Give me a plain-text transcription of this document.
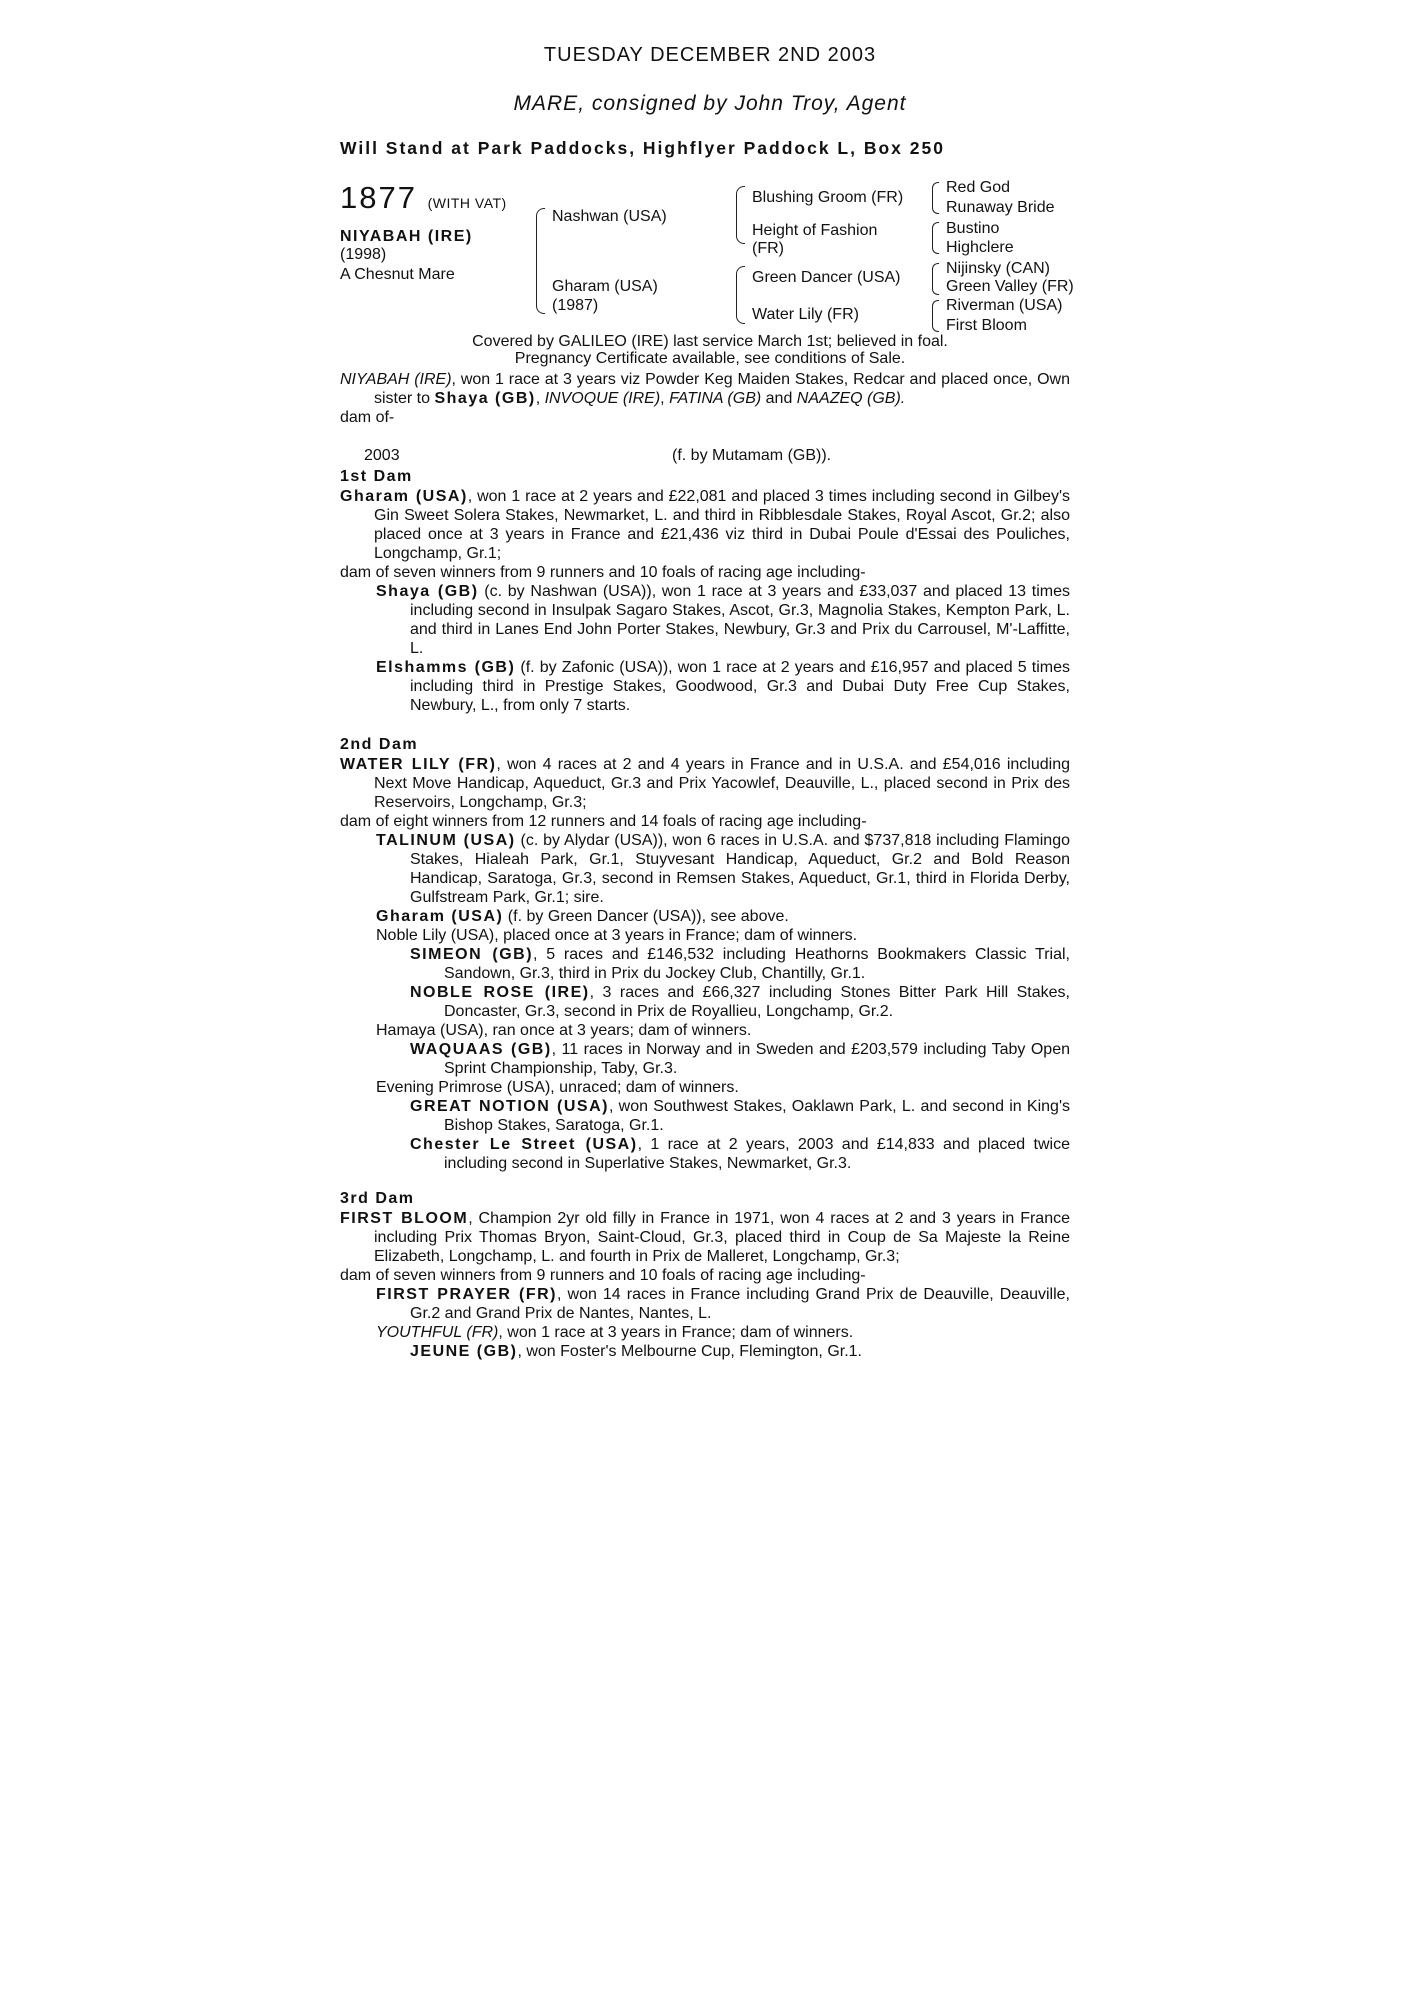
TUESDAY DECEMBER 2ND 2003
MARE, consigned by John Troy, Agent
Will Stand at Park Paddocks, Highflyer Paddock L, Box 250
1877 (WITH VAT)
NIYABAH (IRE)
(1998)
A Chesnut Mare
Nashwan (USA)
Gharam (USA)
(1987)
Blushing Groom (FR)
Height of Fashion
(FR)
Green Dancer (USA)
Water Lily (FR)
Red God
Runaway Bride
Bustino
Highclere
Nijinsky (CAN)
Green Valley (FR)
Riverman (USA)
First Bloom
Covered by GALILEO (IRE) last service March 1st; believed in foal.
Pregnancy Certificate available, see conditions of Sale.

NIYABAH (IRE), won 1 race at 3 years viz Powder Keg Maiden Stakes, Redcar and placed once, Own sister to Shaya (GB), INVOQUE (IRE), FATINA (GB) and NAAZEQ (GB).

dam of-

2003	(f. by Mutamam (GB)).
1st Dam

Gharam (USA), won 1 race at 2 years and £22,081 and placed 3 times including second in Gilbey's Gin Sweet Solera Stakes, Newmarket, L. and third in Ribblesdale Stakes, Royal Ascot, Gr.2; also placed once at 3 years in France and £21,436 viz third in Dubai Poule d'Essai des Pouliches, Longchamp, Gr.1;

dam of seven winners from 9 runners and 10 foals of racing age including-

Shaya (GB) (c. by Nashwan (USA)), won 1 race at 3 years and £33,037 and placed 13 times including second in Insulpak Sagaro Stakes, Ascot, Gr.3, Magnolia Stakes, Kempton Park, L. and third in Lanes End John Porter Stakes, Newbury, Gr.3 and Prix du Carrousel, M'-Laffitte, L.

Elshamms (GB) (f. by Zafonic (USA)), won 1 race at 2 years and £16,957 and placed 5 times including third in Prestige Stakes, Goodwood, Gr.3 and Dubai Duty Free Cup Stakes, Newbury, L., from only 7 starts.

2nd Dam

WATER LILY (FR), won 4 races at 2 and 4 years in France and in U.S.A. and £54,016 including Next Move Handicap, Aqueduct, Gr.3 and Prix Yacowlef, Deauville, L., placed second in Prix des Reservoirs, Longchamp, Gr.3;

dam of eight winners from 12 runners and 14 foals of racing age including-

TALINUM (USA) (c. by Alydar (USA)), won 6 races in U.S.A. and $737,818 including Flamingo Stakes, Hialeah Park, Gr.1, Stuyvesant Handicap, Aqueduct, Gr.2 and Bold Reason Handicap, Saratoga, Gr.3, second in Remsen Stakes, Aqueduct, Gr.1, third in Florida Derby, Gulfstream Park, Gr.1; sire.

Gharam (USA) (f. by Green Dancer (USA)), see above.

Noble Lily (USA), placed once at 3 years in France; dam of winners.

SIMEON (GB), 5 races and £146,532 including Heathorns Bookmakers Classic Trial, Sandown, Gr.3, third in Prix du Jockey Club, Chantilly, Gr.1.

NOBLE ROSE (IRE), 3 races and £66,327 including Stones Bitter Park Hill Stakes, Doncaster, Gr.3, second in Prix de Royallieu, Longchamp, Gr.2.

Hamaya (USA), ran once at 3 years; dam of winners.

WAQUAAS (GB), 11 races in Norway and in Sweden and £203,579 including Taby Open Sprint Championship, Taby, Gr.3.

Evening Primrose (USA), unraced; dam of winners.

GREAT NOTION (USA), won Southwest Stakes, Oaklawn Park, L. and second in King's Bishop Stakes, Saratoga, Gr.1.

Chester Le Street (USA), 1 race at 2 years, 2003 and £14,833 and placed twice including second in Superlative Stakes, Newmarket, Gr.3.

3rd Dam

FIRST BLOOM, Champion 2yr old filly in France in 1971, won 4 races at 2 and 3 years in France including Prix Thomas Bryon, Saint-Cloud, Gr.3, placed third in Coup de Sa Majeste la Reine Elizabeth, Longchamp, L. and fourth in Prix de Malleret, Longchamp, Gr.3;

dam of seven winners from 9 runners and 10 foals of racing age including-

FIRST PRAYER (FR), won 14 races in France including Grand Prix de Deauville, Deauville, Gr.2 and Grand Prix de Nantes, Nantes, L.

YOUTHFUL (FR), won 1 race at 3 years in France; dam of winners.

JEUNE (GB), won Foster's Melbourne Cup, Flemington, Gr.1.
